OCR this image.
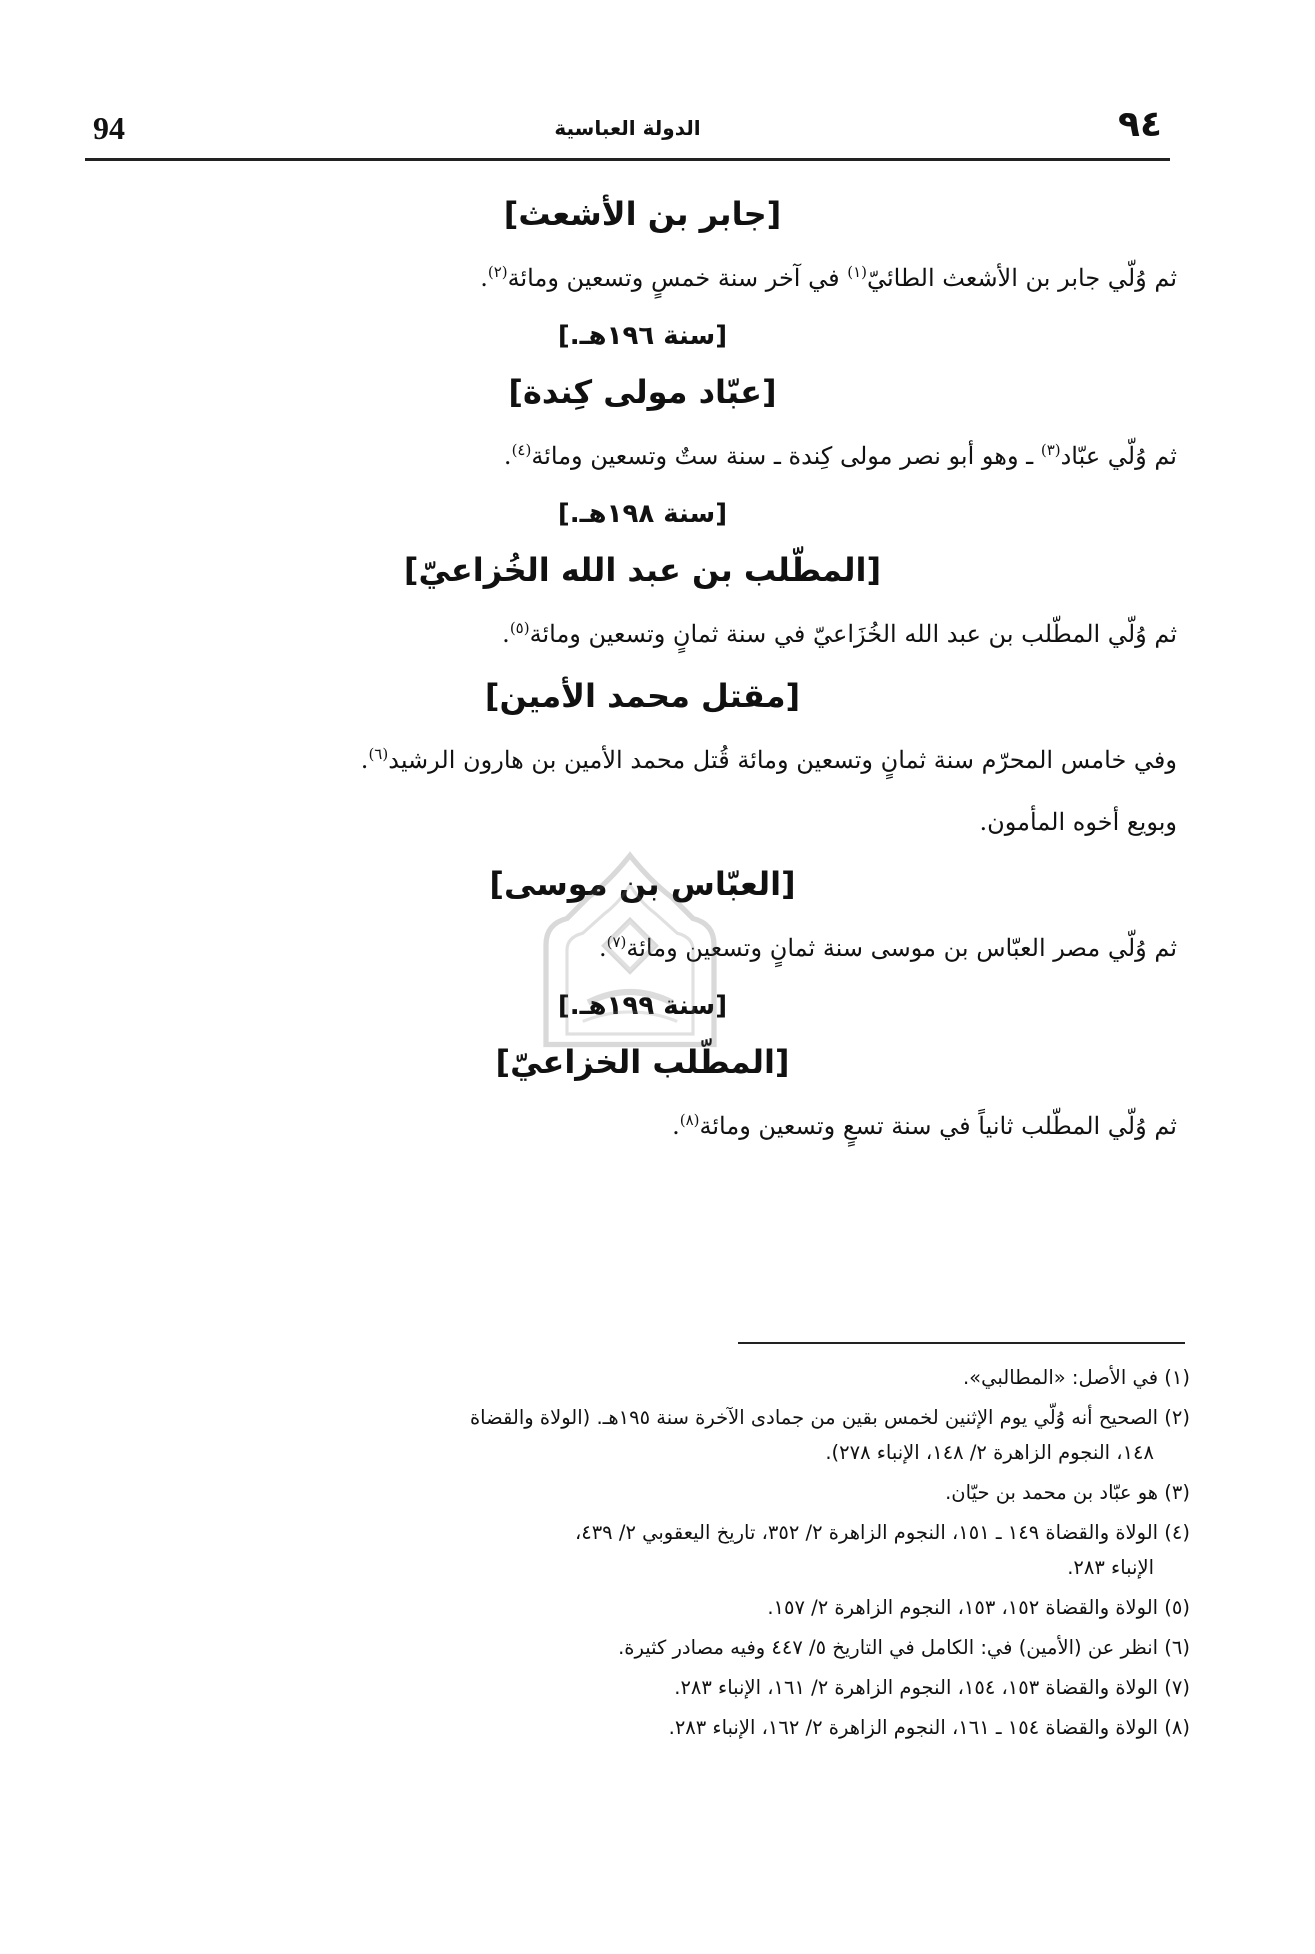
94	الدولة العباسية	٩٤
[جابر بن الأشعث]

ثم وُلّي جابر بن الأشعث الطائيّ$^{(١)}$ في آخر سنة خمسٍ وتسعين ومائة$^{(٢)}$.

[سنة ١٩٦هـ.]
[عبّاد مولى كِندة]

ثم وُلّي عبّاد$^{(٣)}$ ـ وهو أبو نصر مولى كِندة ـ سنة ستٌ وتسعين ومائة$^{(٤)}$.

[سنة ١٩٨هـ.]
[المطّلب بن عبد الله الخُزاعيّ]

ثم وُلّي المطّلب بن عبد الله الخُزَاعيّ في سنة ثمانٍ وتسعين ومائة$^{(٥)}$.

[مقتل محمد الأمين]

وفي خامس المحرّم سنة ثمانٍ وتسعين ومائة قُتل محمد الأمين بن هارون الرشيد$^{(٦)}$.

وبويع أخوه المأمون.

[العبّاس بن موسى]

ثم وُلّي مصر العبّاس بن موسى سنة ثمانٍ وتسعين ومائة$^{(٧)}$.

[سنة ١٩٩هـ.]
[المطّلب الخزاعيّ]

ثم وُلّي المطّلب ثانياً في سنة تسعٍ وتسعين ومائة$^{(٨)}$.

(١) في الأصل: «المطالبي».

(٢) الصحيح أنه وُلّي يوم الإثنين لخمس بقين من جمادى الآخرة سنة ١٩٥هـ. (الولاة والقضاة
١٤٨، النجوم الزاهرة ٢/ ١٤٨، الإنباء ٢٧٨).

(٣) هو عبّاد بن محمد بن حيّان.

(٤) الولاة والقضاة ١٤٩ ـ ١٥١، النجوم الزاهرة ٢/ ٣٥٢، تاريخ اليعقوبي ٢/ ٤٣٩،
الإنباء ٢٨٣.

(٥) الولاة والقضاة ١٥٢، ١٥٣، النجوم الزاهرة ٢/ ١٥٧.

(٦) انظر عن (الأمين) في: الكامل في التاريخ ٥/ ٤٤٧ وفيه مصادر كثيرة.

(٧) الولاة والقضاة ١٥٣، ١٥٤، النجوم الزاهرة ٢/ ١٦١، الإنباء ٢٨٣.

(٨) الولاة والقضاة ١٥٤ ـ ١٦١، النجوم الزاهرة ٢/ ١٦٢، الإنباء ٢٨٣.
